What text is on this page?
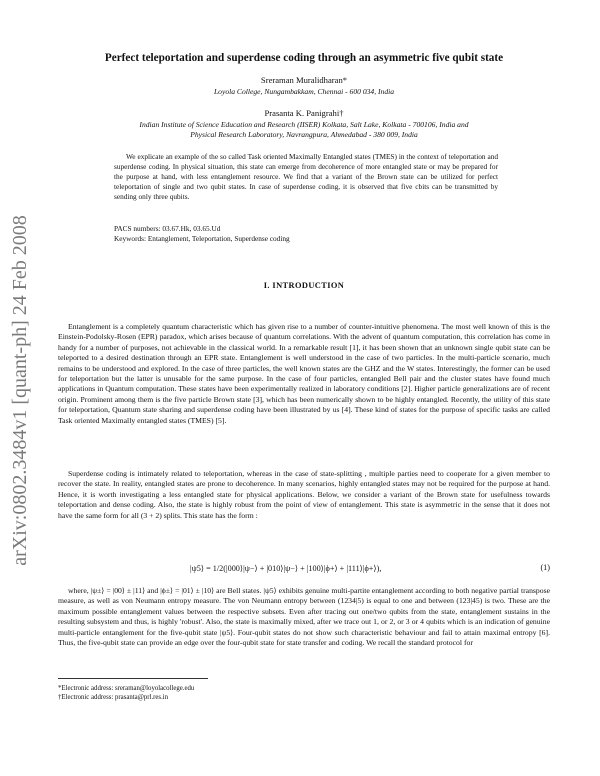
arXiv:0802.3484v1 [quant-ph] 24 Feb 2008
Perfect teleportation and superdense coding through an asymmetric five qubit state
Sreraman Muralidharan*
Loyola College, Nungambakkam, Chennai - 600 034, India
Prasanta K. Panigrahi†
Indian Institute of Science Education and Research (IISER) Kolkata, Salt Lake, Kolkata - 700106, India and
Physical Research Laboratory, Navrangpura, Ahmedabad - 380 009, India
We explicate an example of the so called Task oriented Maximally Entangled states (TMES) in the context of teleportation and superdense coding. In physical situation, this state can emerge from decoherence of more entangled state or may be prepared for the purpose at hand, with less entanglement resource. We find that a variant of the Brown state can be utilized for perfect teleportation of single and two qubit states. In case of superdense coding, it is observed that five cbits can be transmitted by sending only three qubits.
PACS numbers: 03.67.Hk, 03.65.Ud
Keywords: Entanglement, Teleportation, Superdense coding
I. INTRODUCTION
Entanglement is a completely quantum characteristic which has given rise to a number of counter-intuitive phenomena. The most well known of this is the Einstein-Podolsky-Rosen (EPR) paradox, which arises because of quantum correlations. With the advent of quantum computation, this correlation has come in handy for a number of purposes, not achievable in the classical world. In a remarkable result [1], it has been shown that an unknown single qubit state can be teleported to a desired destination through an EPR state. Entanglement is well understood in the case of two particles. In the multi-particle scenario, much remains to be understood and explored. In the case of three particles, the well known states are the GHZ and the W states. Interestingly, the former can be used for teleportation but the latter is unusable for the same purpose. In the case of four particles, entangled Bell pair and the cluster states have found much applications in Quantum computation. These states have been experimentally realized in laboratory conditions [2]. Higher particle generalizations are of recent origin. Prominent among them is the five particle Brown state [3], which has been numerically shown to be highly entangled. Recently, the utility of this state for teleportation, Quantum state sharing and superdense coding have been illustrated by us [4]. These kind of states for the purpose of specific tasks are called Task oriented Maximally entangled states (TMES) [5].
Superdense coding is intimately related to teleportation, whereas in the case of state-splitting , multiple parties need to cooperate for a given member to recover the state. In reality, entangled states are prone to decoherence. In many scenarios, highly entangled states may not be required for the purpose at hand. Hence, it is worth investigating a less entangled state for physical applications. Below, we consider a variant of the Brown state for usefulness towards teleportation and dense coding. Also, the state is highly robust from the point of view of entanglement. This state is asymmetric in the sense that it does not have the same form for all (3 + 2) splits. This state has the form :
|ψ5⟩ = 1/2(|000⟩|ψ−⟩ + |010⟩|ψ−⟩ + |100⟩|ϕ+⟩ + |111⟩|ϕ+⟩),	(1)
where, |ψ±⟩ = |00⟩ ± |11⟩ and |ϕ±⟩ = |01⟩ ± |10⟩ are Bell states. |ψ5⟩ exhibits genuine multi-partite entanglement according to both negative partial transpose measure, as well as von Neumann entropy measure. The von Neumann entropy between (1234|5) is equal to one and between (123|45) is two. These are the maximum possible entanglement values between the respective subsets. Even after tracing out one/two qubits from the state, entanglement sustains in the resulting subsystem and thus, is highly 'robust'. Also, the state is maximally mixed, after we trace out 1, or 2, or 3 or 4 qubits which is an indication of genuine multi-particle entanglement for the five-qubit state |ψ5⟩. Four-qubit states do not show such characteristic behaviour and fail to attain maximal entropy [6]. Thus, the five-qubit state can provide an edge over the four-qubit state for state transfer and coding. We recall the standard protocol for
*Electronic address: sreraman@loyolacollege.edu
†Electronic address: prasanta@prl.res.in
